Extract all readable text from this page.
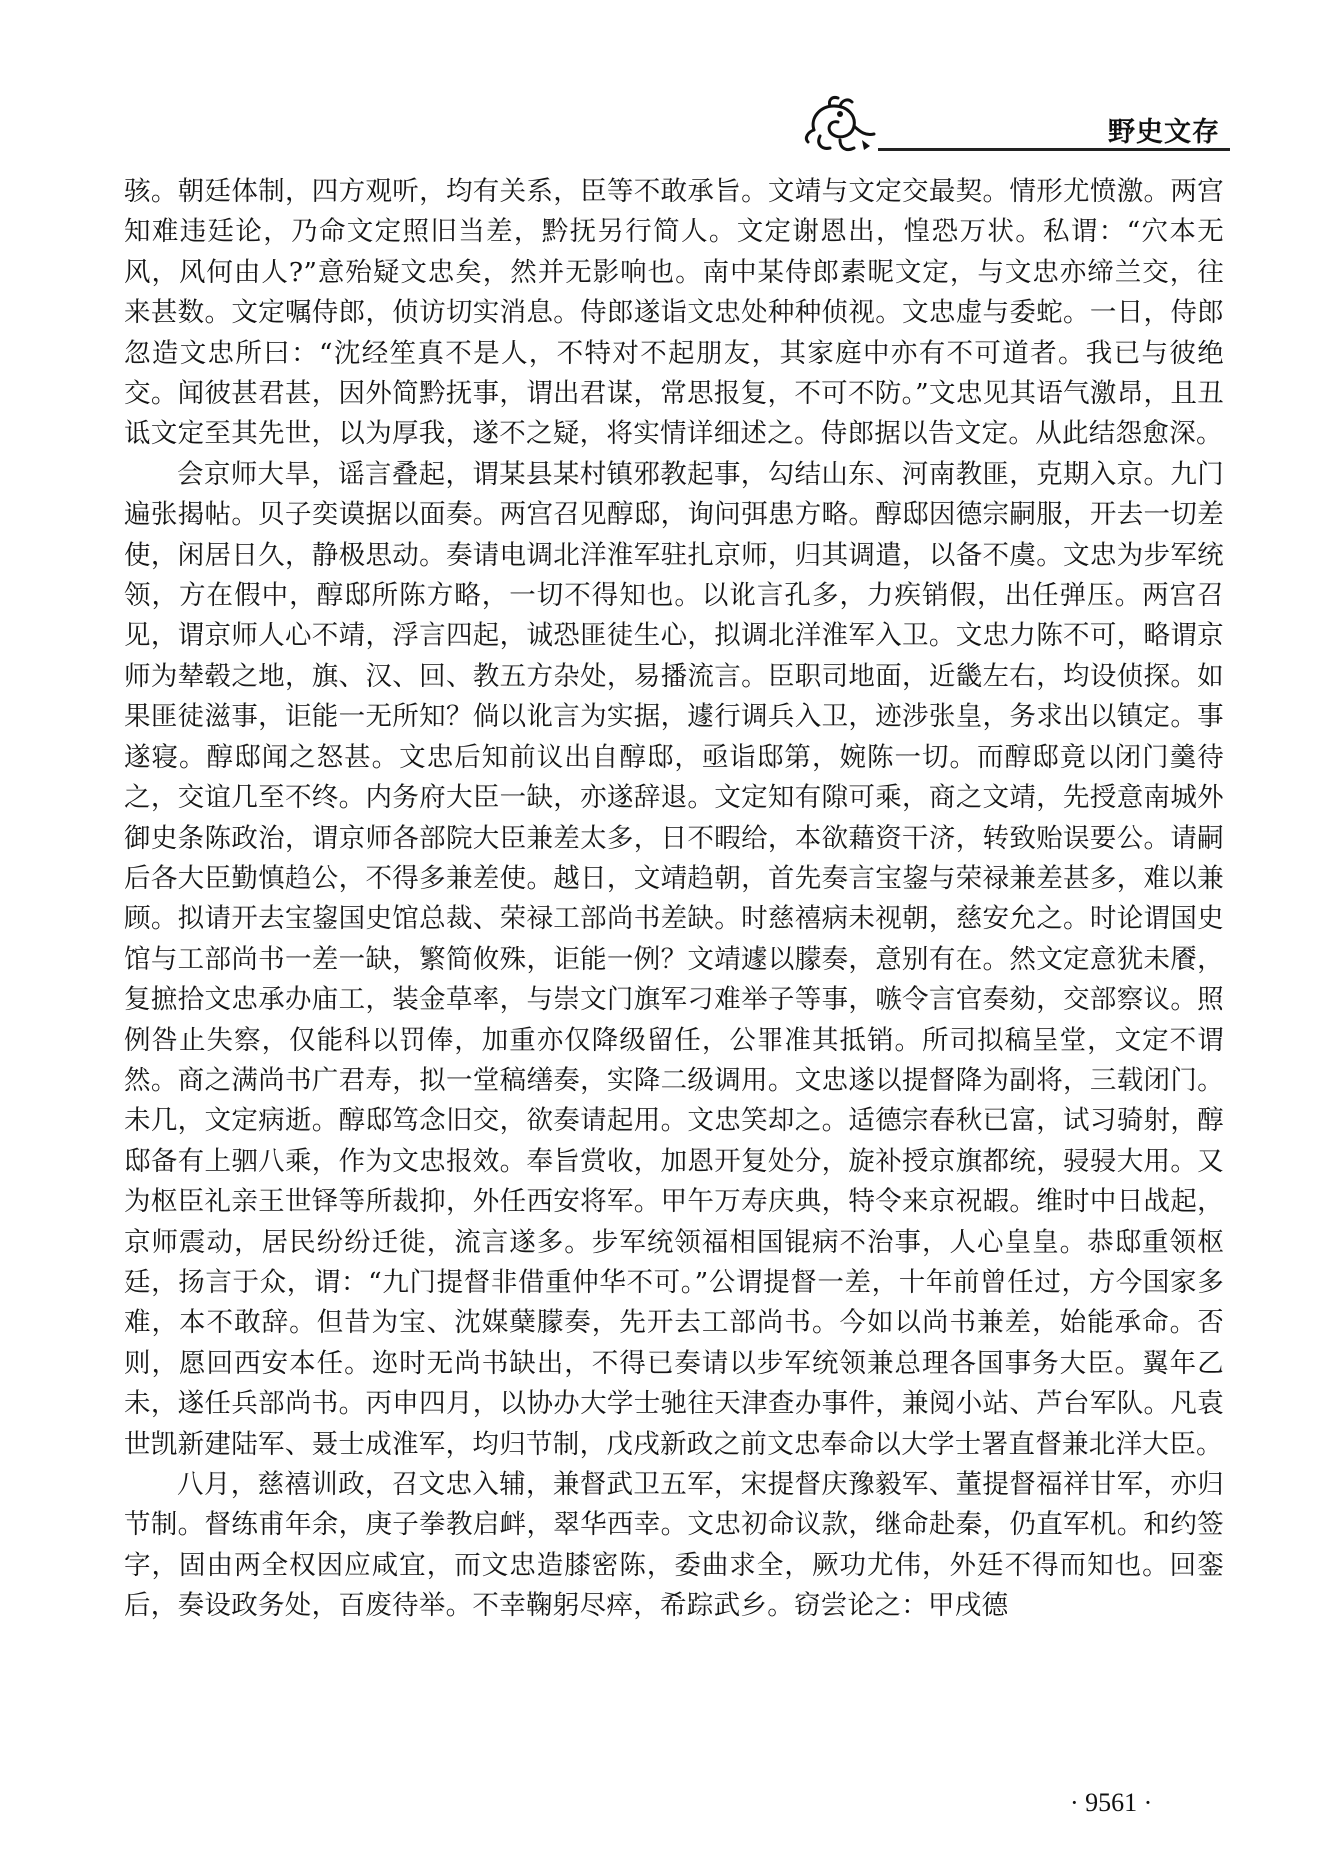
野史文存

骇。朝廷体制，四方观听，均有关系，臣等不敢承旨。文靖与文定交最契。情形尤愤激。两宫知难违廷论，乃命文定照旧当差，黔抚另行简人。文定谢恩出，惶恐万状。私谓：“穴本无风，风何由人?”意殆疑文忠矣，然并无影响也。南中某侍郎素昵文定，与文忠亦缔兰交，往来甚数。文定嘱侍郎，侦访切实消息。侍郎遂诣文忠处种种侦视。文忠虚与委蛇。一日，侍郎忽造文忠所曰：“沈经笙真不是人，不特对不起朋友，其家庭中亦有不可道者。我已与彼绝交。闻彼甚君甚，因外简黔抚事，谓出君谋，常思报复，不可不防。”文忠见其语气激昂，且丑诋文定至其先世，以为厚我，遂不之疑，将实情详细述之。侍郎据以告文定。从此结怨愈深。

会京师大旱，谣言叠起，谓某县某村镇邪教起事，勾结山东、河南教匪，克期入京。九门遍张揭帖。贝子奕谟据以面奏。两宫召见醇邸，询问弭患方略。醇邸因德宗嗣服，开去一切差使，闲居日久，静极思动。奏请电调北洋淮军驻扎京师，归其调遣，以备不虞。文忠为步军统领，方在假中，醇邸所陈方略，一切不得知也。以讹言孔多，力疾销假，出任弹压。两宫召见，谓京师人心不靖，浮言四起，诚恐匪徒生心，拟调北洋淮军入卫。文忠力陈不可，略谓京师为辇毂之地，旗、汉、回、教五方杂处，易播流言。臣职司地面，近畿左右，均设侦探。如果匪徒滋事，讵能一无所知？倘以讹言为实据，遽行调兵入卫，迹涉张皇，务求出以镇定。事遂寝。醇邸闻之怒甚。文忠后知前议出自醇邸，亟诣邸第，婉陈一切。而醇邸竟以闭门羹待之，交谊几至不终。内务府大臣一缺，亦遂辞退。文定知有隙可乘，商之文靖，先授意南城外御史条陈政治，谓京师各部院大臣兼差太多，日不暇给，本欲藉资干济，转致贻误要公。请嗣后各大臣勤慎趋公，不得多兼差使。越日，文靖趋朝，首先奏言宝鋆与荣禄兼差甚多，难以兼顾。拟请开去宝鋆国史馆总裁、荣禄工部尚书差缺。时慈禧病未视朝，慈安允之。时论谓国史馆与工部尚书一差一缺，繁简攸殊，讵能一例？文靖遽以朦奏，意别有在。然文定意犹未餍，复摭拾文忠承办庙工，装金草率，与崇文门旗军刁难举子等事，嗾令言官奏劾，交部察议。照例咎止失察，仅能科以罚俸，加重亦仅降级留任，公罪准其抵销。所司拟稿呈堂，文定不谓然。商之满尚书广君寿，拟一堂稿缮奏，实降二级调用。文忠遂以提督降为副将，三载闭门。未几，文定病逝。醇邸笃念旧交，欲奏请起用。文忠笑却之。适德宗春秋已富，试习骑射，醇邸备有上驷八乘，作为文忠报效。奉旨赏收，加恩开复处分，旋补授京旗都统，骎骎大用。又为枢臣礼亲王世铎等所裁抑，外任西安将军。甲午万寿庆典，特令来京祝嘏。维时中日战起，京师震动，居民纷纷迁徙，流言遂多。步军统领福相国锟病不治事，人心皇皇。恭邸重领枢廷，扬言于众，谓：“九门提督非借重仲华不可。”公谓提督一差，十年前曾任过，方今国家多难，本不敢辞。但昔为宝、沈媒蘖朦奏，先开去工部尚书。今如以尚书兼差，始能承命。否则，愿回西安本任。迩时无尚书缺出，不得已奏请以步军统领兼总理各国事务大臣。翼年乙未，遂任兵部尚书。丙申四月，以协办大学士驰往天津查办事件，兼阅小站、芦台军队。凡袁世凯新建陆军、聂士成淮军，均归节制，戊戌新政之前文忠奉命以大学士署直督兼北洋大臣。

八月，慈禧训政，召文忠入辅，兼督武卫五军，宋提督庆豫毅军、董提督福祥甘军，亦归节制。督练甫年余，庚子拳教启衅，翠华西幸。文忠初命议款，继命赴秦，仍直军机。和约签字，固由两全权因应咸宜，而文忠造膝密陈，委曲求全，厥功尤伟，外廷不得而知也。回銮后，奏设政务处，百废待举。不幸鞠躬尽瘁，希踪武乡。窃尝论之：甲戌德

· 9561 ·
